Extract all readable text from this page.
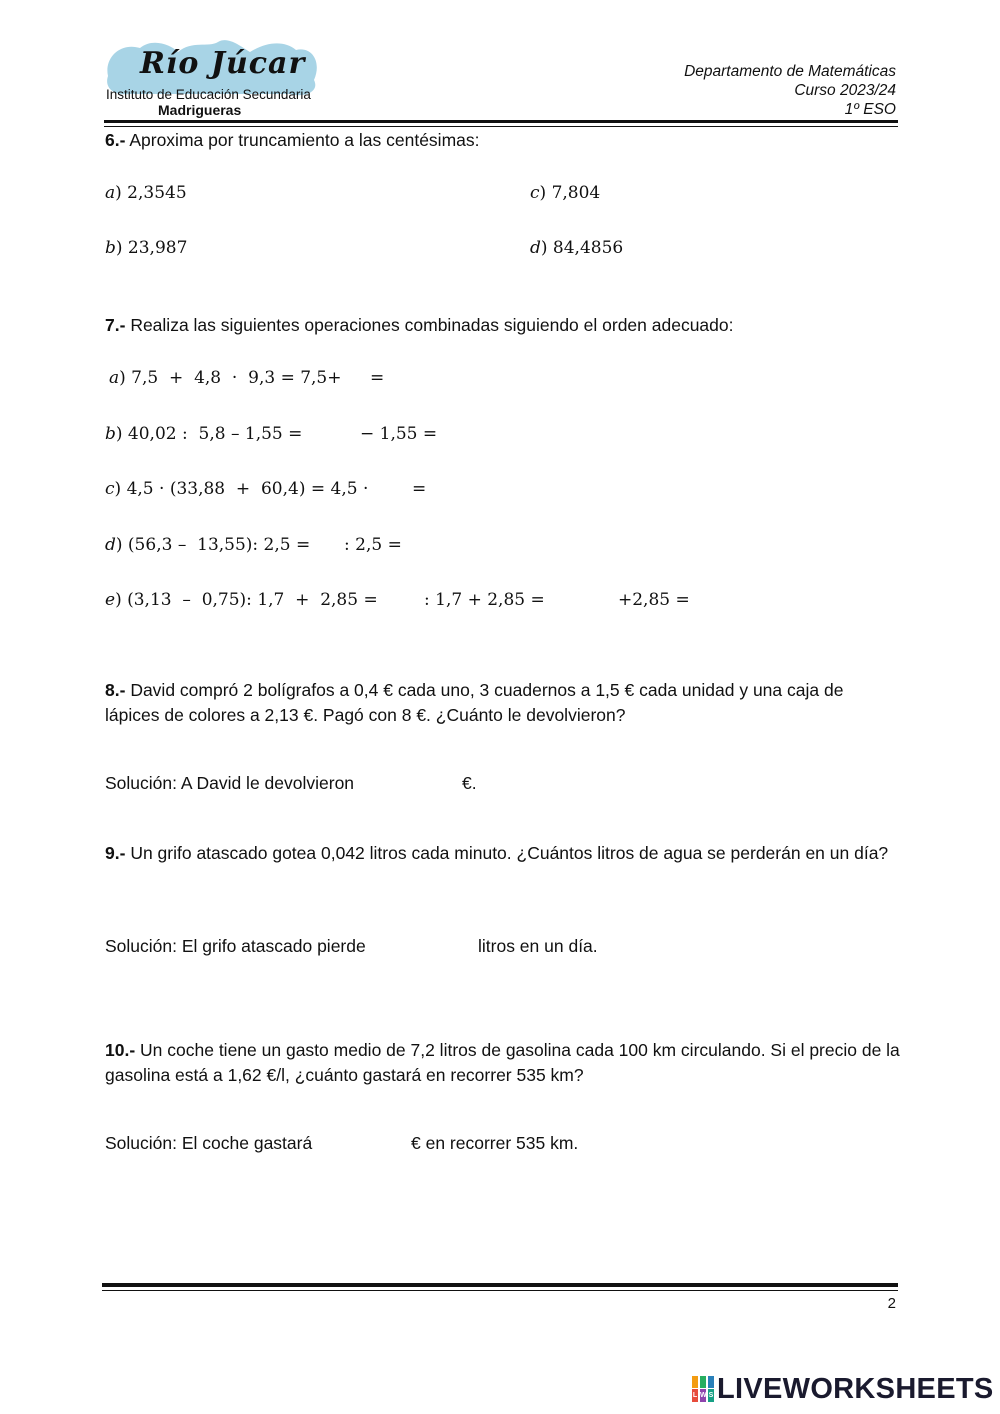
Río Júcar
Instituto de Educación Secundaria
Madrigueras
Departamento de Matemáticas
Curso 2023/24
1º ESO
6.- Aproxima por truncamiento a las centésimas:
a) 2,3545	c) 7,804
b) 23,987	d) 84,4856
7.- Realiza las siguientes operaciones combinadas siguiendo el orden adecuado:
a) 7,5  +  4,8  ·  9,3 = 7,5+ =
b) 40,02 :  5,8 – 1,55 =	− 1,55 =
c) 4,5 · (33,88  +  60,4) = 4,5 ·	=
d) (56,3 –  13,55): 2,5 = : 2,5 =
e) (3,13  –  0,75): 1,7  +  2,85 =	: 1,7 + 2,85 =	+2,85 =
8.- David compró 2 bolígrafos a 0,4 € cada uno, 3 cuadernos a 1,5 € cada unidad y una caja de lápices de colores a 2,13 €. Pagó con 8 €. ¿Cuánto le devolvieron?
Solución: A David le devolvieron	€.
9.- Un grifo atascado gotea 0,042 litros cada minuto. ¿Cuántos litros de agua se perderán en un día?
Solución: El grifo atascado pierde	litros en un día.
10.- Un coche tiene un gasto medio de 7,2 litros de gasolina cada 100 km circulando. Si el precio de la gasolina está a 1,62 €/l, ¿cuánto gastará en recorrer 535 km?
Solución: El coche gastará	€ en recorrer 535 km.
2
L W S LIVEWORKSHEETS
